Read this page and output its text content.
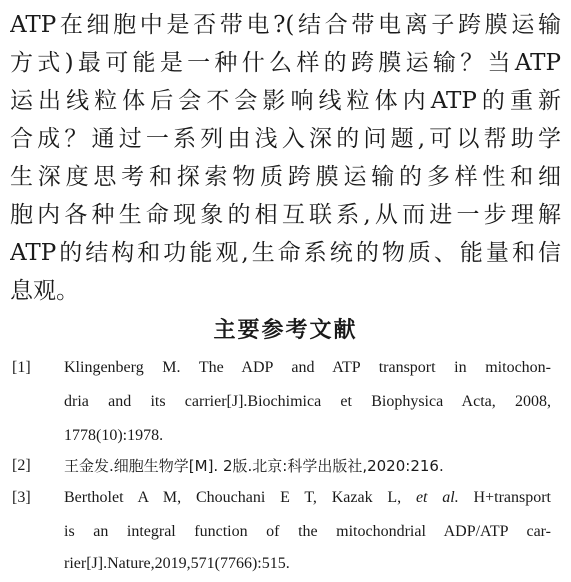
ATP在细胞中是否带电?(结合带电离子跨膜运输
方式)最可能是一种什么样的跨膜运输？当ATP
运出线粒体后会不会影响线粒体内ATP的重新
合成？通过一系列由浅入深的问题,可以帮助学
生深度思考和探索物质跨膜运输的多样性和细
胞内各种生命现象的相互联系,从而进一步理解
ATP的结构和功能观,生命系统的物质、能量和信
息观。
主要参考文献
[1]	Klingenberg M. The ADP and ATP transport in mitochon-
dria and its carrier[J].Biochimica et Biophysica Acta, 2008,
1778(10):1978.
[2]	王金发.细胞生物学[M]. 2版.北京:科学出版社,2020:216.
[3]	Bertholet A M, Chouchani E T, Kazak L, et al. H+transport
is an integral function of the mitochondrial ADP/ATP car-
rier[J].Nature,2019,571(7766):515.
